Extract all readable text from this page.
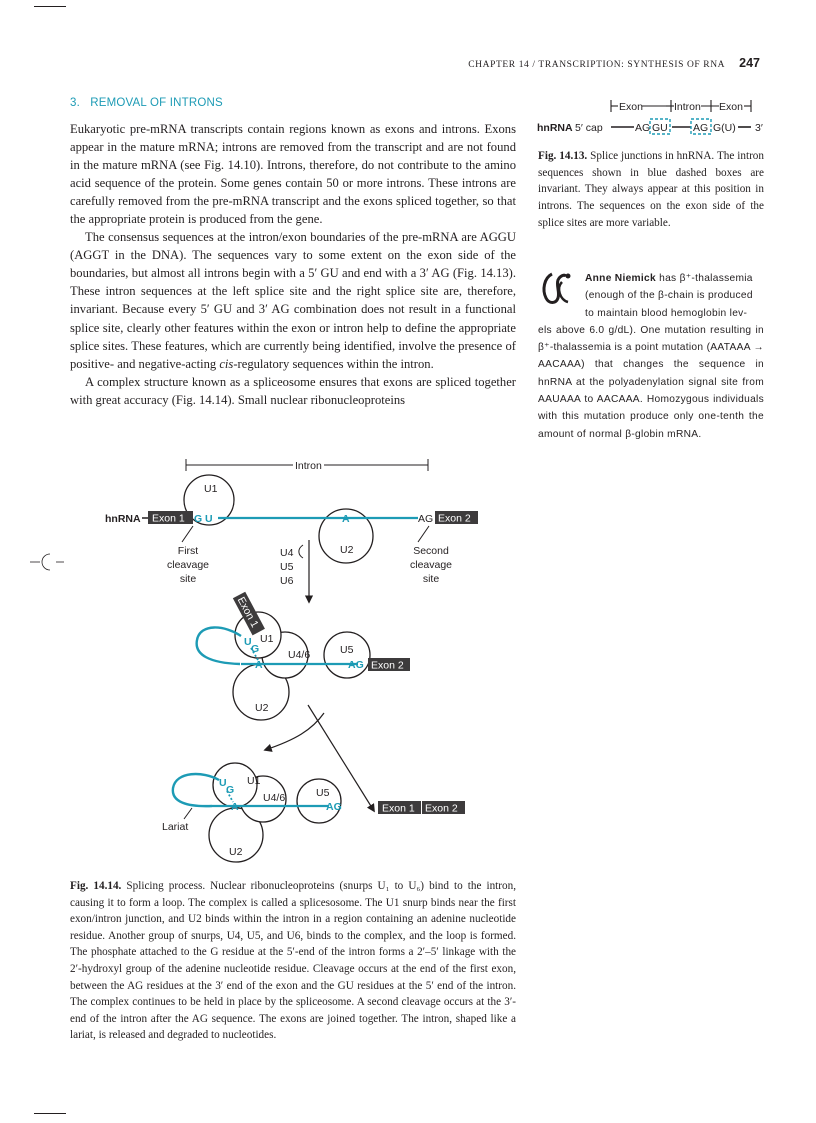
CHAPTER 14 / TRANSCRIPTION: SYNTHESIS OF RNA 247
3. REMOVAL OF INTRONS

Eukaryotic pre-mRNA transcripts contain regions known as exons and introns. Exons appear in the mature mRNA; introns are removed from the transcript and are not found in the mature mRNA (see Fig. 14.10). Introns, therefore, do not contribute to the amino acid sequence of the protein. Some genes contain 50 or more introns. These introns are carefully removed from the pre-mRNA transcript and the exons spliced together, so that the appropriate protein is produced from the gene.

The consensus sequences at the intron/exon boundaries of the pre-mRNA are AGGU (AGGT in the DNA). The sequences vary to some extent on the exon side of the boundaries, but almost all introns begin with a 5′ GU and end with a 3′ AG (Fig. 14.13). These intron sequences at the left splice site and the right splice site are, therefore, invariant. Because every 5′ GU and 3′ AG combination does not result in a functional splice site, clearly other features within the exon or intron help to define the appropriate splice sites. These features, which are currently being identified, involve the presence of positive- and negative-acting cis-regulatory sequences within the intron.

A complex structure known as a spliceosome ensures that exons are spliced together with great accuracy (Fig. 14.14). Small nuclear ribonucleoproteins

Exon	Intron Exon
hnRNA 5′ cap	AG GU AG G(U) 3′
Fig. 14.13. Splice junctions in hnRNA. The intron sequences shown in blue dashed boxes are invariant. They always appear at this position in introns. The sequences on the exon side of the splice sites are more variable.
Anne Niemick has β⁺-thalassemia
(enough of the β-chain is produced
to maintain blood hemoglobin lev-
els above 6.0 g/dL). One mutation resulting in β⁺-thalassemia is a point mutation (AATAAA → AACAAA) that changes the sequence in hnRNA at the polyadenylation signal site from AAUAAA to AACAAA. Homozygous individuals with this mutation produce only one-tenth the amount of normal β-globin mRNA.
Intron
U1
U2
hnRNA Exon 1 G U	A	AG Exon 2
First
cleavage
site
Second
cleavage
site
U4
U5
U6
U2
U5
U4/6
U1
U
G
A	AG Exon 2
Exon 1
U2
U5
U4/6
U1
U
G
A	AG
Lariat
Exon 1 Exon 2
Fig. 14.14. Splicing process. Nuclear ribonucleoproteins (snurps U₁ to U₆) bind to the intron, causing it to form a loop. The complex is called a splicesosome. The U1 snurp binds near the first exon/intron junction, and U2 binds within the intron in a region containing an adenine nucleotide residue. Another group of snurps, U4, U5, and U6, binds to the complex, and the loop is formed. The phosphate attached to the G residue at the 5′-end of the intron forms a 2′–5′ linkage with the 2′-hydroxyl group of the adenine nucleotide residue. Cleavage occurs at the end of the first exon, between the AG residues at the 3′ end of the exon and the GU residues at the 5′ end of the intron. The complex continues to be held in place by the spliceosome. A second cleavage occurs at the 3′-end of the intron after the AG sequence. The exons are joined together. The intron, shaped like a lariat, is released and degraded to nucleotides.
